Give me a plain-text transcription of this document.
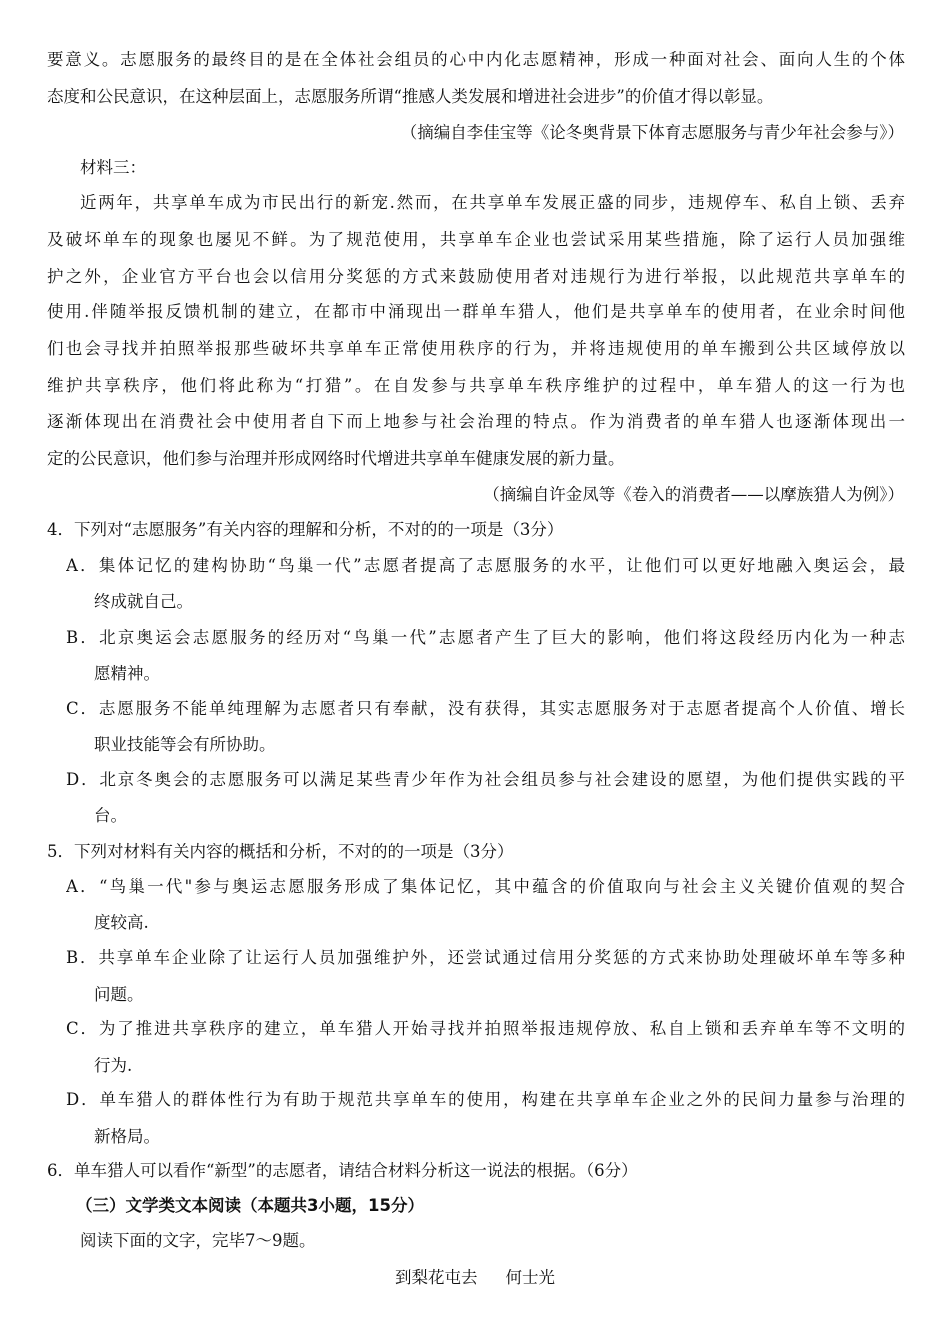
要意义。志愿服务的最终目的是在全体社会组员的心中内化志愿精神，形成一种面对社会、面向人生的个体
态度和公民意识，在这种层面上，志愿服务所谓“推感人类发展和增进社会进步”的价值才得以彰显。
（摘编自李佳宝等《论冬奥背景下体育志愿服务与青少年社会参与》）
材料三：
近两年，共享单车成为市民出行的新宠.然而，在共享单车发展正盛的同步，违规停车、私自上锁、丢弃
及破坏单车的现象也屡见不鲜。为了规范使用，共享单车企业也尝试采用某些措施，除了运行人员加强维
护之外，企业官方平台也会以信用分奖惩的方式来鼓励使用者对违规行为进行举报，以此规范共享单车的
使用.伴随举报反馈机制的建立，在都市中涌现出一群单车猎人，他们是共享单车的使用者，在业余时间他
们也会寻找并拍照举报那些破坏共享单车正常使用秩序的行为，并将违规使用的单车搬到公共区域停放以
维护共享秩序，他们将此称为“打猎”。在自发参与共享单车秩序维护的过程中，单车猎人的这一行为也
逐渐体现出在消费社会中使用者自下而上地参与社会治理的特点。作为消费者的单车猎人也逐渐体现出一
定的公民意识，他们参与治理并形成网络时代增进共享单车健康发展的新力量。
（摘编自许金凤等《卷入的消费者——以摩族猎人为例》）
4．下列对“志愿服务”有关内容的理解和分析，不对的的一项是（3分）
A．集体记忆的建构协助“鸟巢一代”志愿者提高了志愿服务的水平，让他们可以更好地融入奥运会，最
终成就自己。
B．北京奥运会志愿服务的经历对“鸟巢一代”志愿者产生了巨大的影响，他们将这段经历内化为一种志
愿精神。
C．志愿服务不能单纯理解为志愿者只有奉献，没有获得，其实志愿服务对于志愿者提高个人价值、增长
职业技能等会有所协助。
D．北京冬奥会的志愿服务可以满足某些青少年作为社会组员参与社会建设的愿望，为他们提供实践的平
台。
5．下列对材料有关内容的概括和分析，不对的的一项是（3分）
A．“鸟巢一代"参与奥运志愿服务形成了集体记忆，其中蕴含的价值取向与社会主义关键价值观的契合
度较高.
B．共享单车企业除了让运行人员加强维护外，还尝试通过信用分奖惩的方式来协助处理破坏单车等多种
问题。
C．为了推进共享秩序的建立，单车猎人开始寻找并拍照举报违规停放、私自上锁和丢弃单车等不文明的
行为.
D．单车猎人的群体性行为有助于规范共享单车的使用，构建在共享单车企业之外的民间力量参与治理的
新格局。
6．单车猎人可以看作“新型”的志愿者，请结合材料分析这一说法的根据。（6分）
（三）文学类文本阅读（本题共3小题，15分）
阅读下面的文字，完毕7～9题。
到梨花屯去 何士光
